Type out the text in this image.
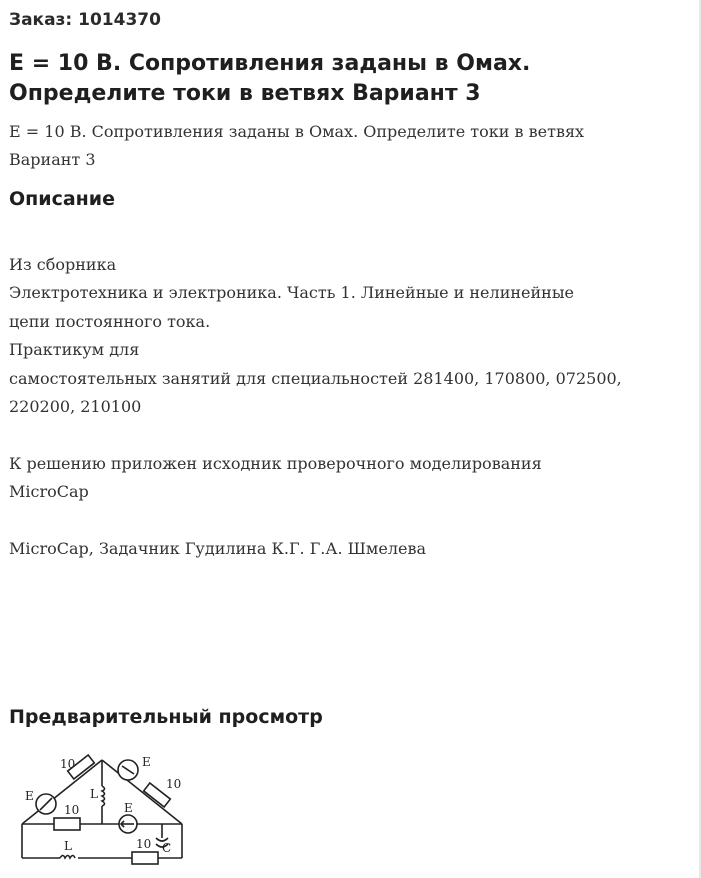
Заказ: 1014370
E = 10 В. Сопротивления заданы в Омах. Определите токи в ветвях Вариант 3
E = 10 В. Сопротивления заданы в Омах. Определите токи в ветвях
Вариант 3
Описание
Из сборника
Электротехника и электроника. Часть 1. Линейные и нелинейные
цепи постоянного тока.
Практикум для
самостоятельных занятий для специальностей 281400, 170800, 072500,
220200, 210100
К решению приложен исходник проверочного моделирования
MicroCap
MicroCap, Задачник Гудилина К.Г. Г.А. Шмелева
Предварительный просмотр
10
10
10
10
E
E
E
L
L	C
